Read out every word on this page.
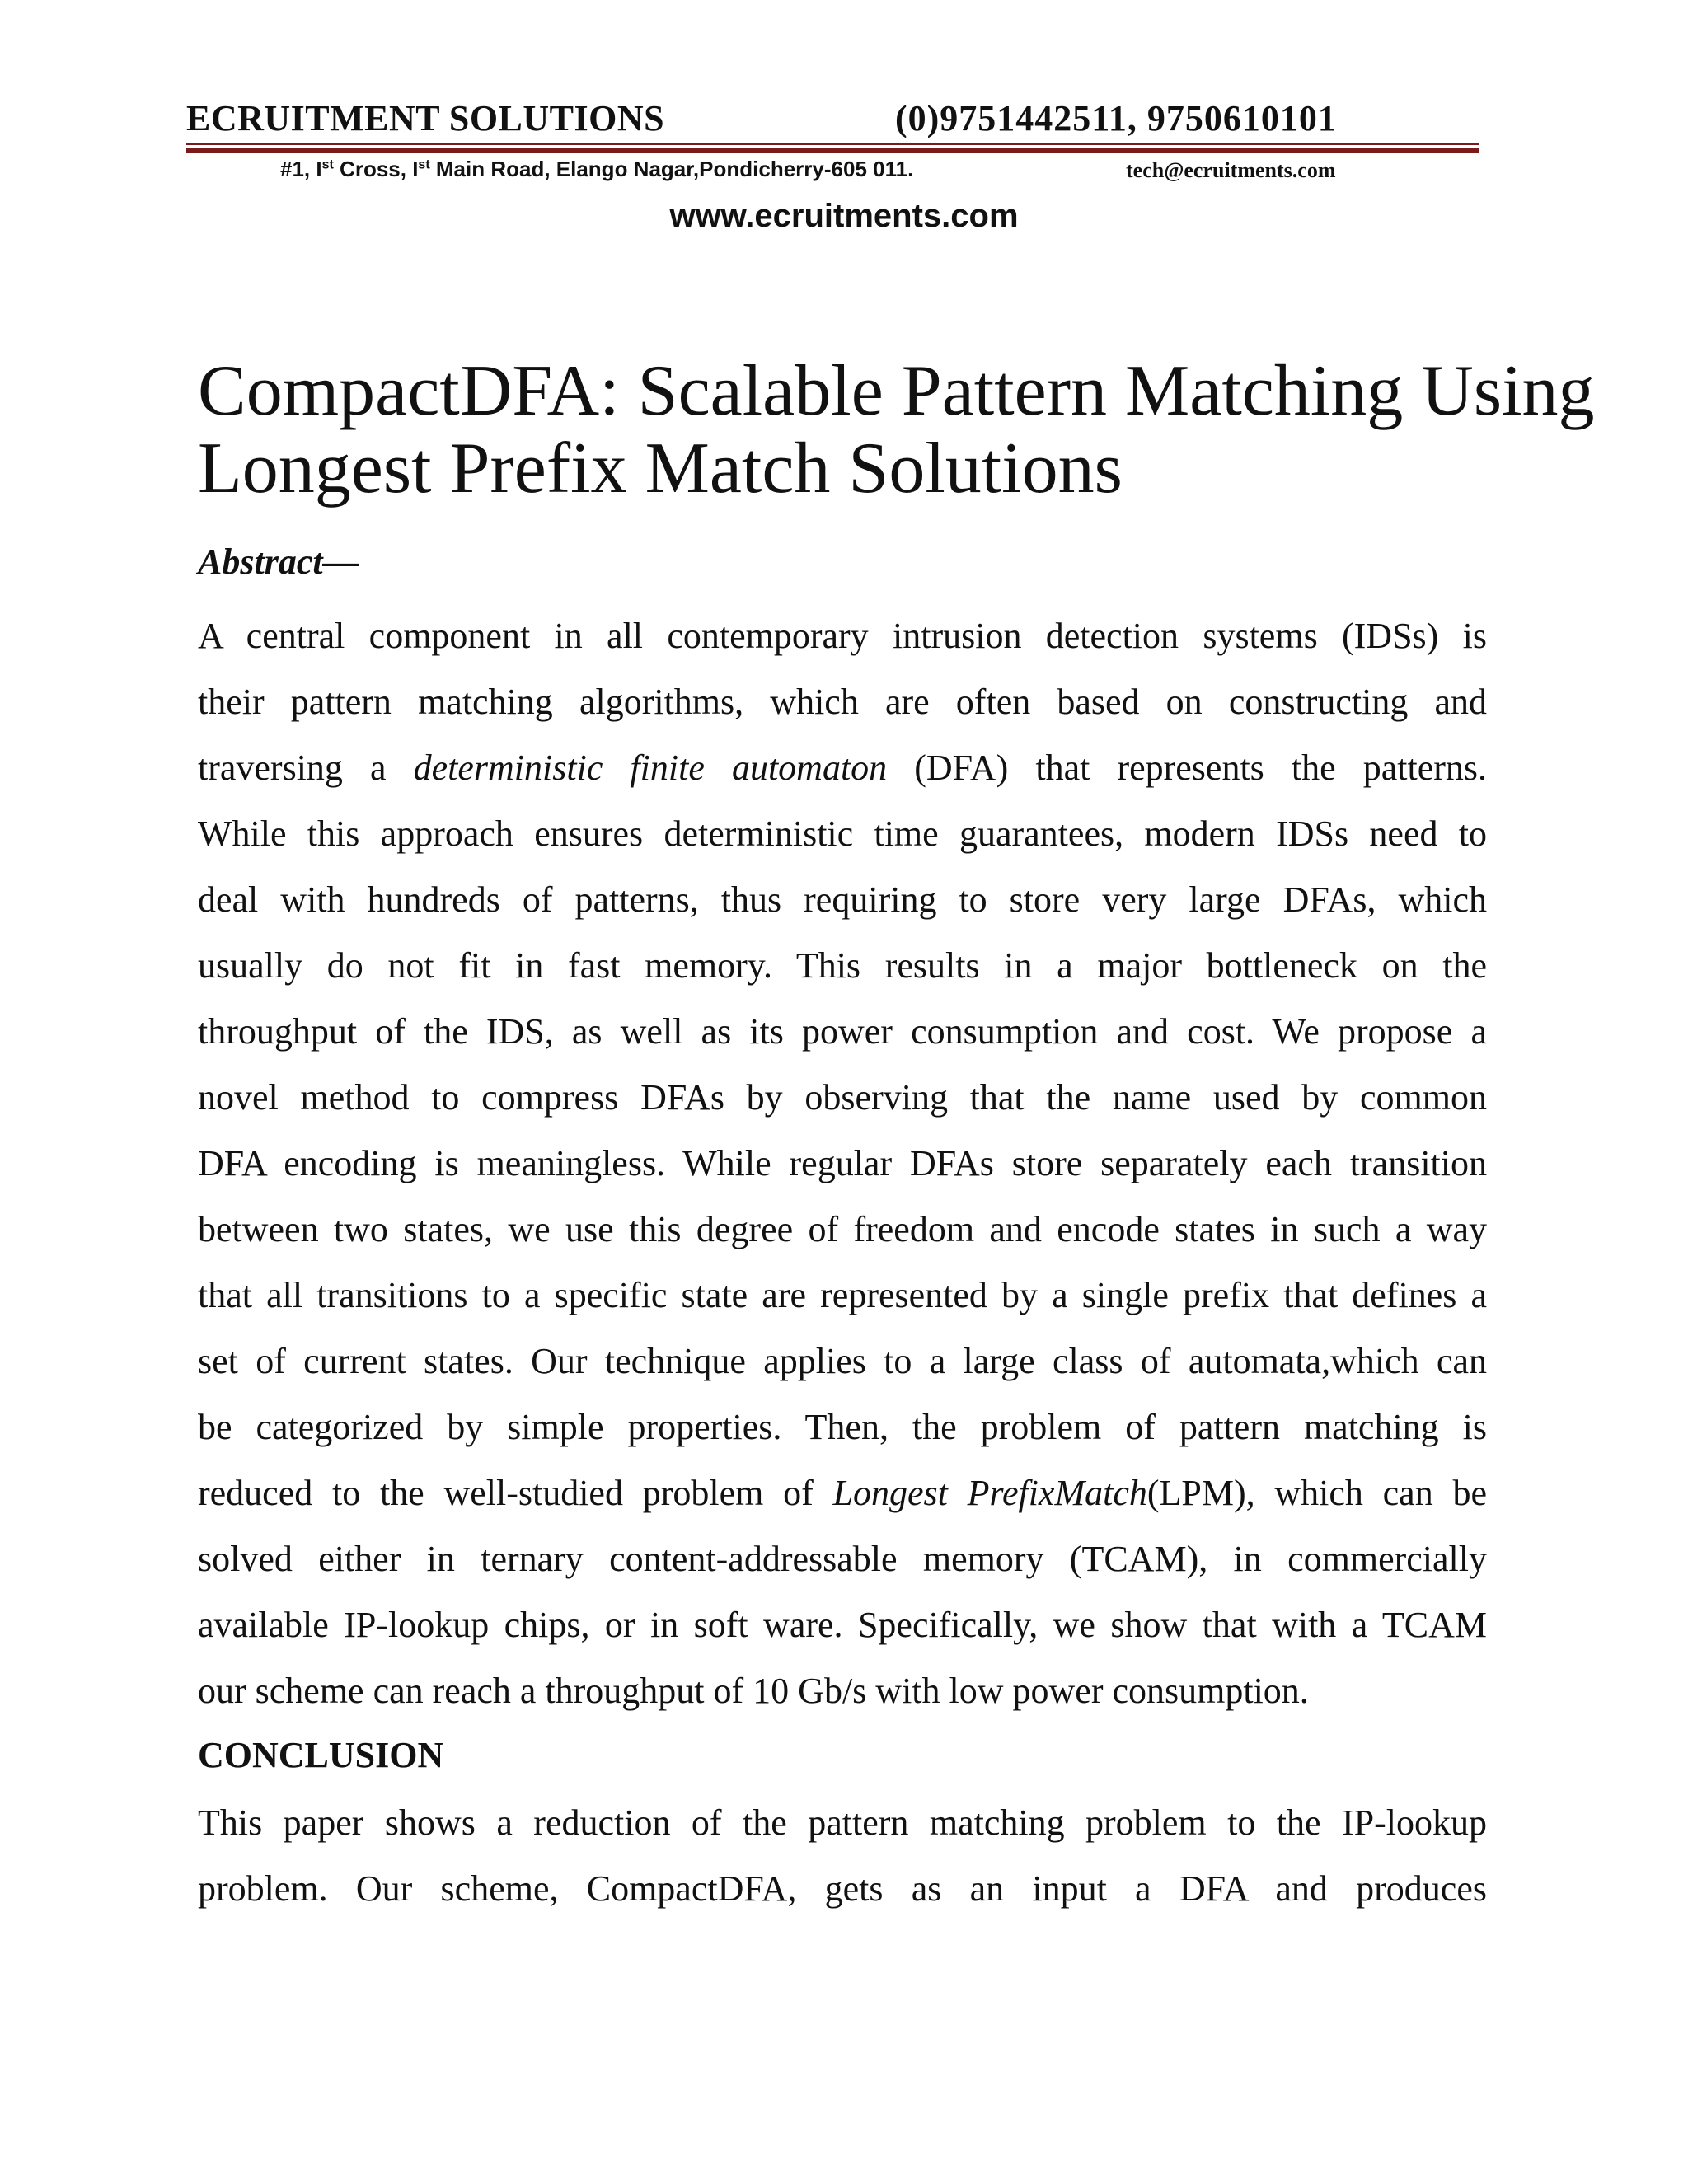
ECRUITMENT SOLUTIONS	(0)9751442511, 9750610101
#1, Ist Cross, Ist Main Road, Elango Nagar,Pondicherry-605 011.	tech@ecruitments.com
www.ecruitments.com
CompactDFA: Scalable Pattern Matching Using
Longest Prefix Match Solutions
Abstract—
A central component in all contemporary intrusion detection systems (IDSs) is
their pattern matching algorithms, which are often based on constructing and
traversing a deterministic finite automaton (DFA) that represents the patterns.
While this approach ensures deterministic time guarantees, modern IDSs need to
deal with hundreds of patterns, thus requiring to store very large DFAs, which
usually do not fit in fast memory. This results in a major bottleneck on the
throughput of the IDS, as well as its power consumption and cost. We propose a
novel method to compress DFAs by observing that the name used by common
DFA encoding is meaningless. While regular DFAs store separately each transition
between two states, we use this degree of freedom and encode states in such a way
that all transitions to a specific state are represented by a single prefix that defines a
set of current states. Our technique applies to a large class of automata,which can
be categorized by simple properties. Then, the problem of pattern matching is
reduced to the well-studied problem of Longest PrefixMatch(LPM), which can be
solved either in ternary content-addressable memory (TCAM), in commercially
available IP-lookup chips, or in soft ware. Specifically, we show that with a TCAM
our scheme can reach a throughput of 10 Gb/s with low power consumption.
CONCLUSION
This paper shows a reduction of the pattern matching problem to the IP-lookup
problem. Our scheme, CompactDFA, gets as an input a DFA and produces
